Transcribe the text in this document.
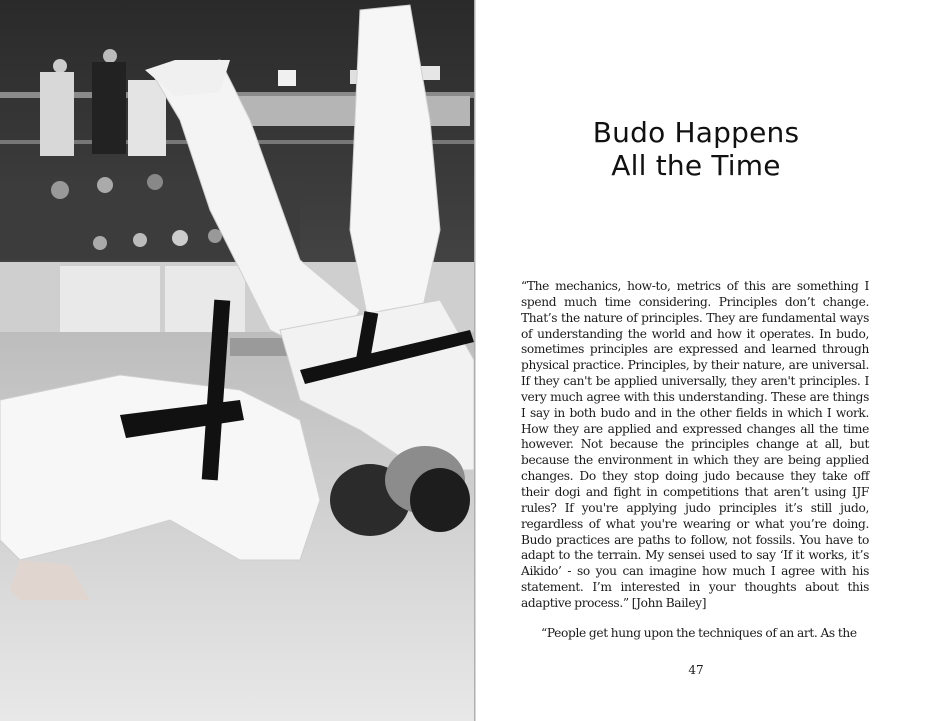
Budo Happens
All the Time

“The mechanics, how-to, metrics of this are something I spend much time considering. Principles don’t change. That’s the nature of principles. They are fundamental ways of understanding the world and how it operates. In budo, sometimes principles are expressed and learned through physical practice. Principles, by their nature, are universal. If they can't be applied universally, they aren't principles. I very much agree with this understanding. These are things I say in both budo and in the other fields in which I work. How they are applied and expressed changes all the time however. Not because the principles change at all, but because the environment in which they are being applied changes. Do they stop doing judo because they take off their dogi and fight in competitions that aren’t using IJF rules? If you're applying judo principles it’s still judo, regardless of what you're wearing or what you’re doing. Budo practices are paths to follow, not fossils. You have to adapt to the terrain. My sensei used to say ‘If it works, it’s Aikido’ - so you can imagine how much I agree with his statement. I’m interested in your thoughts about this adaptive process.” [John Bailey]

“People get hung upon the techniques of an art. As the

47
